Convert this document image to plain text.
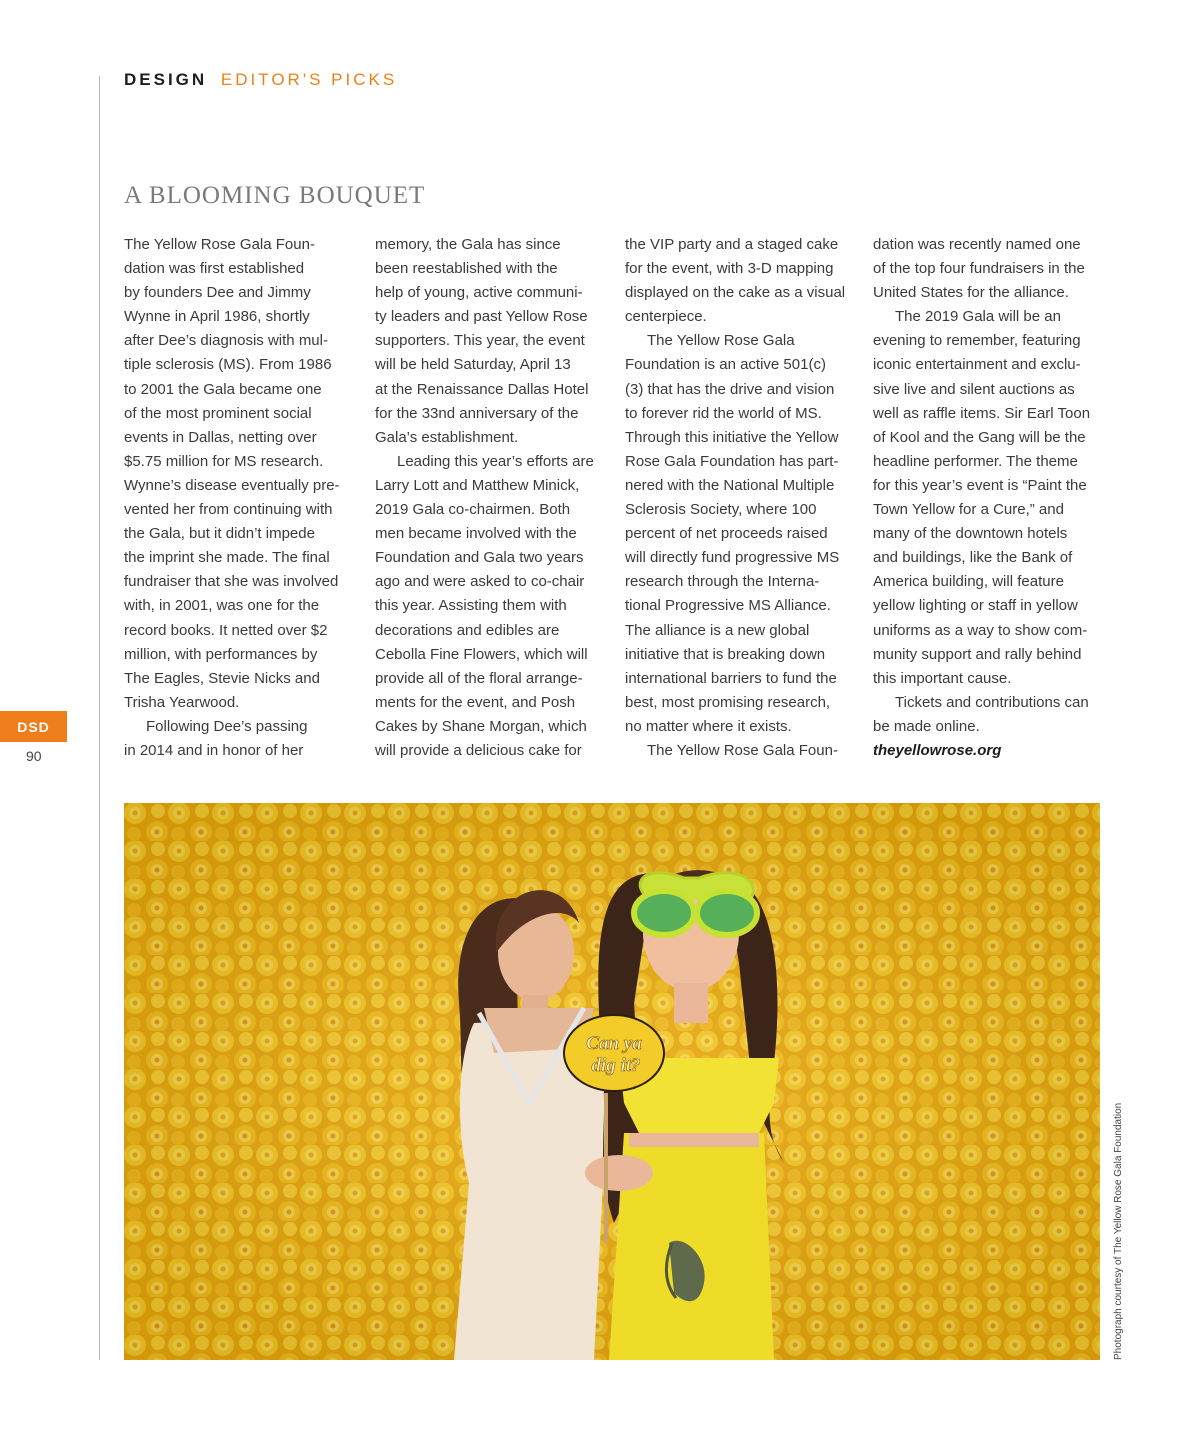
DESIGN EDITOR'S PICKS
A BLOOMING BOUQUET
The Yellow Rose Gala Foun-
dation was first established
by founders Dee and Jimmy
Wynne in April 1986, shortly
after Dee’s diagnosis with mul-
tiple sclerosis (MS). From 1986
to 2001 the Gala became one
of the most prominent social
events in Dallas, netting over
$5.75 million for MS research.
Wynne’s disease eventually pre-
vented her from continuing with
the Gala, but it didn’t impede
the imprint she made. The final
fundraiser that she was involved
with, in 2001, was one for the
record books. It netted over $2
million, with performances by
The Eagles, Stevie Nicks and
Trisha Yearwood.
Following Dee’s passing
in 2014 and in honor of her
memory, the Gala has since
been reestablished with the
help of young, active communi-
ty leaders and past Yellow Rose
supporters. This year, the event
will be held Saturday, April 13
at the Renaissance Dallas Hotel
for the 33nd anniversary of the
Gala’s establishment.
Leading this year’s efforts are
Larry Lott and Matthew Minick,
2019 Gala co-chairmen. Both
men became involved with the
Foundation and Gala two years
ago and were asked to co-chair
this year. Assisting them with
decorations and edibles are
Cebolla Fine Flowers, which will
provide all of the floral arrange-
ments for the event, and Posh
Cakes by Shane Morgan, which
will provide a delicious cake for
the VIP party and a staged cake
for the event, with 3-D mapping
displayed on the cake as a visual
centerpiece.
The Yellow Rose Gala
Foundation is an active 501(c)
(3) that has the drive and vision
to forever rid the world of MS.
Through this initiative the Yellow
Rose Gala Foundation has part-
nered with the National Multiple
Sclerosis Society, where 100
percent of net proceeds raised
will directly fund progressive MS
research through the Interna-
tional Progressive MS Alliance.
The alliance is a new global
initiative that is breaking down
international barriers to fund the
best, most promising research,
no matter where it exists.
The Yellow Rose Gala Foun-
dation was recently named one
of the top four fundraisers in the
United States for the alliance.
The 2019 Gala will be an
evening to remember, featuring
iconic entertainment and exclu-
sive live and silent auctions as
well as raffle items. Sir Earl Toon
of Kool and the Gang will be the
headline performer. The theme
for this year’s event is “Paint the
Town Yellow for a Cure,” and
many of the downtown hotels
and buildings, like the Bank of
America building, will feature
yellow lighting or staff in yellow
uniforms as a way to show com-
munity support and rally behind
this important cause.
Tickets and contributions can
be made online.
theyellowrose.org
DSD
90
Can ya
dig it?
Photograph courtesy of The Yellow Rose Gala Foundation
